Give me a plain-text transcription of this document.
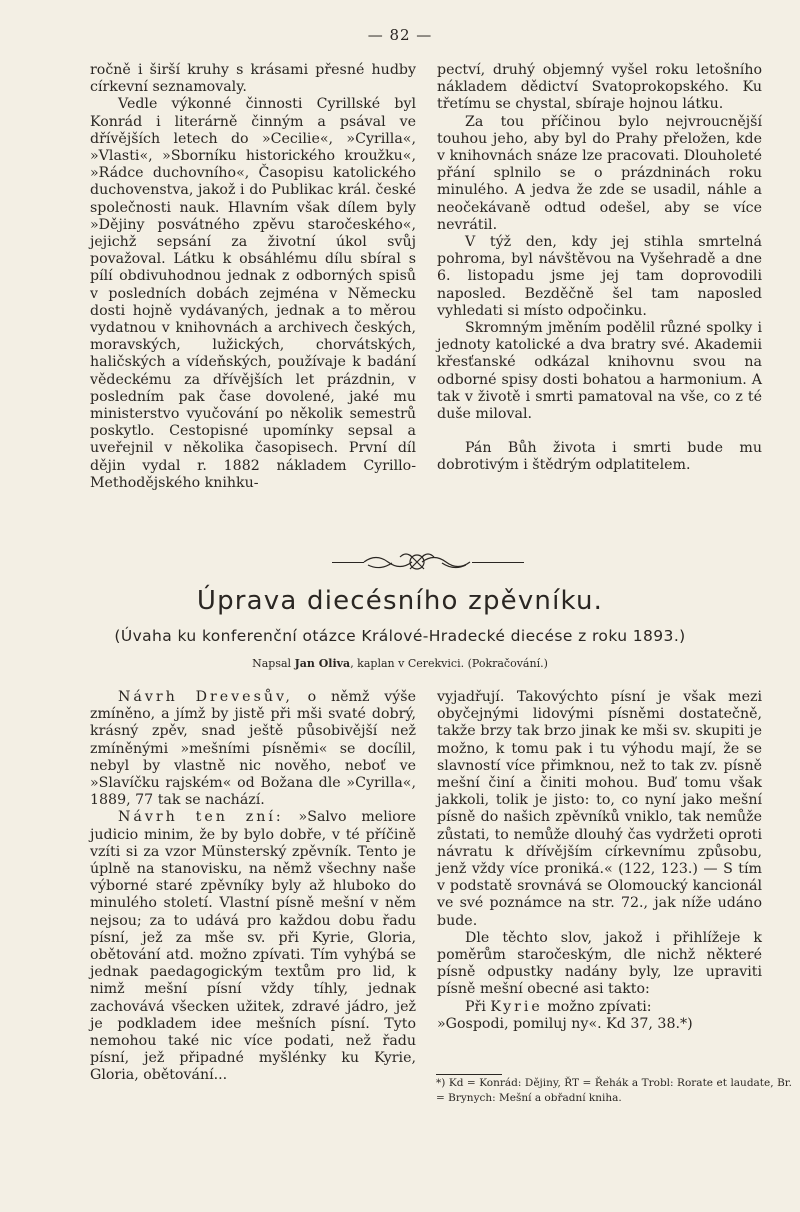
— 82 —

ročně i širší kruhy s krásami přesné hudby církevní seznamovaly.

Vedle výkonné činnosti Cyrillské byl Konrád i literárně činným a psával ve dřívějších letech do »Cecilie«, »Cyrilla«, »Vlasti«, »Sborníku historického kroužku«, »Rádce duchovního«, Časopisu katolického duchovenstva, jakož i do Publikac král. české společnosti nauk. Hlavním však dílem byly »Dějiny posvátného zpěvu staročeského«, jejichž sepsání za životní úkol svůj považoval. Látku k obsáhlému dílu sbíral s pílí obdivuhodnou jednak z odborných spisů v posledních dobách zejména v Německu dosti hojně vydávaných, jednak a to měrou vydatnou v knihovnách a archivech českých, moravských, lužických, chorvátských, haličských a vídeňských, používaje k badání vědeckému za dřívějších let prázdnin, v posledním pak čase dovolené, jaké mu ministerstvo vyučování po několik semestrů poskytlo. Cestopisné upomínky sepsal a uveřejnil v několika časopisech. První díl dějin vydal r. 1882 nákladem Cyrillo-Methodějského knihku-

pectví, druhý objemný vyšel roku letošního nákladem dědictví Svatoprokopského. Ku třetímu se chystal, sbíraje hojnou látku.

Za tou příčinou bylo nejvroucnější touhou jeho, aby byl do Prahy přeložen, kde v knihovnách snáze lze pracovati. Dlouholeté přání splnilo se o prázdninách roku minulého. A jedva že zde se usadil, náhle a neočekávaně odtud odešel, aby se více nevrátil.

V týž den, kdy jej stihla smrtelná pohroma, byl návštěvou na Vyšehradě a dne 6. listopadu jsme jej tam doprovodili naposled. Bezděčně šel tam naposled vyhledati si místo odpočinku.

Skromným jměním podělil různé spolky i jednoty katolické a dva bratry své. Akademii křesťanské odkázal knihovnu svou na odborné spisy dosti bohatou a harmonium. A tak v životě i smrti pamatoval na vše, co z té duše miloval.

Pán Bůh života i smrti bude mu dobrotivým i štědrým odplatitelem.

Úprava diecésního zpěvníku.
(Úvaha ku konferenční otázce Králové-Hradecké diecése z roku 1893.)
Napsal Jan Oliva, kaplan v Cerekvici. (Pokračování.)

Návrh Drevesův, o němž výše zmíněno, a jímž by jistě při mši svaté dobrý, krásný zpěv, snad ještě působivější než zmíněnými »mešními písněmi« se docílil, nebyl by vlastně nic nověho, neboť ve »Slavíčku rajském« od Božana dle »Cyrilla«, 1889, 77 tak se nachází.

Návrh ten zní: »Salvo meliore judicio minim, že by bylo dobře, v té příčině vzíti si za vzor Münsterský zpěvník. Tento je úplně na stanovisku, na němž všechny naše výborné staré zpěvníky byly až hluboko do minulého století. Vlastní písně mešní v něm nejsou; za to udává pro každou dobu řadu písní, jež za mše sv. při Kyrie, Gloria, obětování atd. možno zpívati. Tím vyhýbá se jednak paedagogickým textům pro lid, k nimž mešní písní vždy tíhly, jednak zachovává všecken užitek, zdravé jádro, jež je podkladem idee mešních písní. Tyto nemohou také nic více podati, než řadu písní, jež připadné myšlénky ku Kyrie, Gloria, obětování...

vyjadřují. Takovýchto písní je však mezi obyčejnými lidovými písněmi dostatečně, takže brzy tak brzo jinak ke mši sv. skupiti je možno, k tomu pak i tu výhodu mají, že se slavností více přimknou, než to tak zv. písně mešní činí a činiti mohou. Buď tomu však jakkoli, tolik je jisto: to, co nyní jako mešní písně do našich zpěvníků vniklo, tak nemůže zůstati, to nemůže dlouhý čas vydržeti oproti návratu k dřívějším církevnímu způsobu, jenž vždy více proniká.« (122, 123.) — S tím v podstatě srovnává se Olomoucký kancionál ve své poznámce na str. 72., jak níže udáno bude.

Dle těchto slov, jakož i přihlížeje k poměrům staročeským, dle nichž některé písně odpustky nadány byly, lze upraviti písně mešní obecné asi takto:

Při Kyrie možno zpívati:

»Gospodi, pomiluj ny«. Kd 37, 38.*)

*) Kd = Konrád: Dějiny, ŘT = Řehák a Trobl: Rorate et laudate, Br. = Brynych: Mešní a obřadní kniha.
